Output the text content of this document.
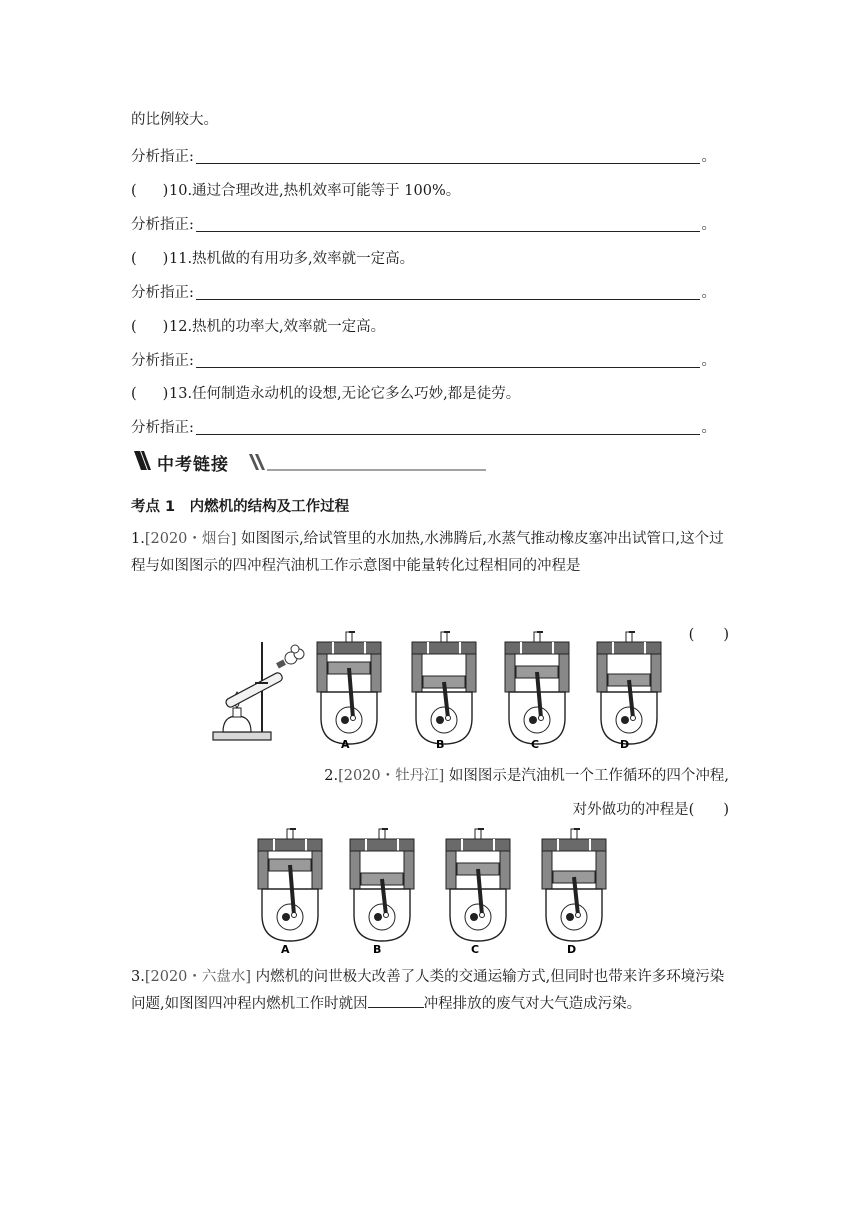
的比例较大。
分析指正:	。
( )10.通过合理改进,热机效率可能等于 100%。
分析指正:	。
( )11.热机做的有用功多,效率就一定高。
分析指正:	。
( )12.热机的功率大,效率就一定高。
分析指正:	。
( )13.任何制造永动机的设想,无论它多么巧妙,都是徒劳。
分析指正:	。
中考链接
考点 1　内燃机的结构及工作过程
1.[2020・烟台] 如图图示,给试管里的水加热,水沸腾后,水蒸气推动橡皮塞冲出试管口,这个过程与如图图示的四冲程汽油机工作示意图中能量转化过程相同的冲程是
(　　)
A	B	C	D
2.[2020・牡丹江] 如图图示是汽油机一个工作循环的四个冲程,
对外做功的冲程是(　　)
A	B	C	D
3.[2020・六盘水] 内燃机的问世极大改善了人类的交通运输方式,但同时也带来许多环境污染问题,如图图四冲程内燃机工作时就因	冲程排放的废气对大气造成污染。
